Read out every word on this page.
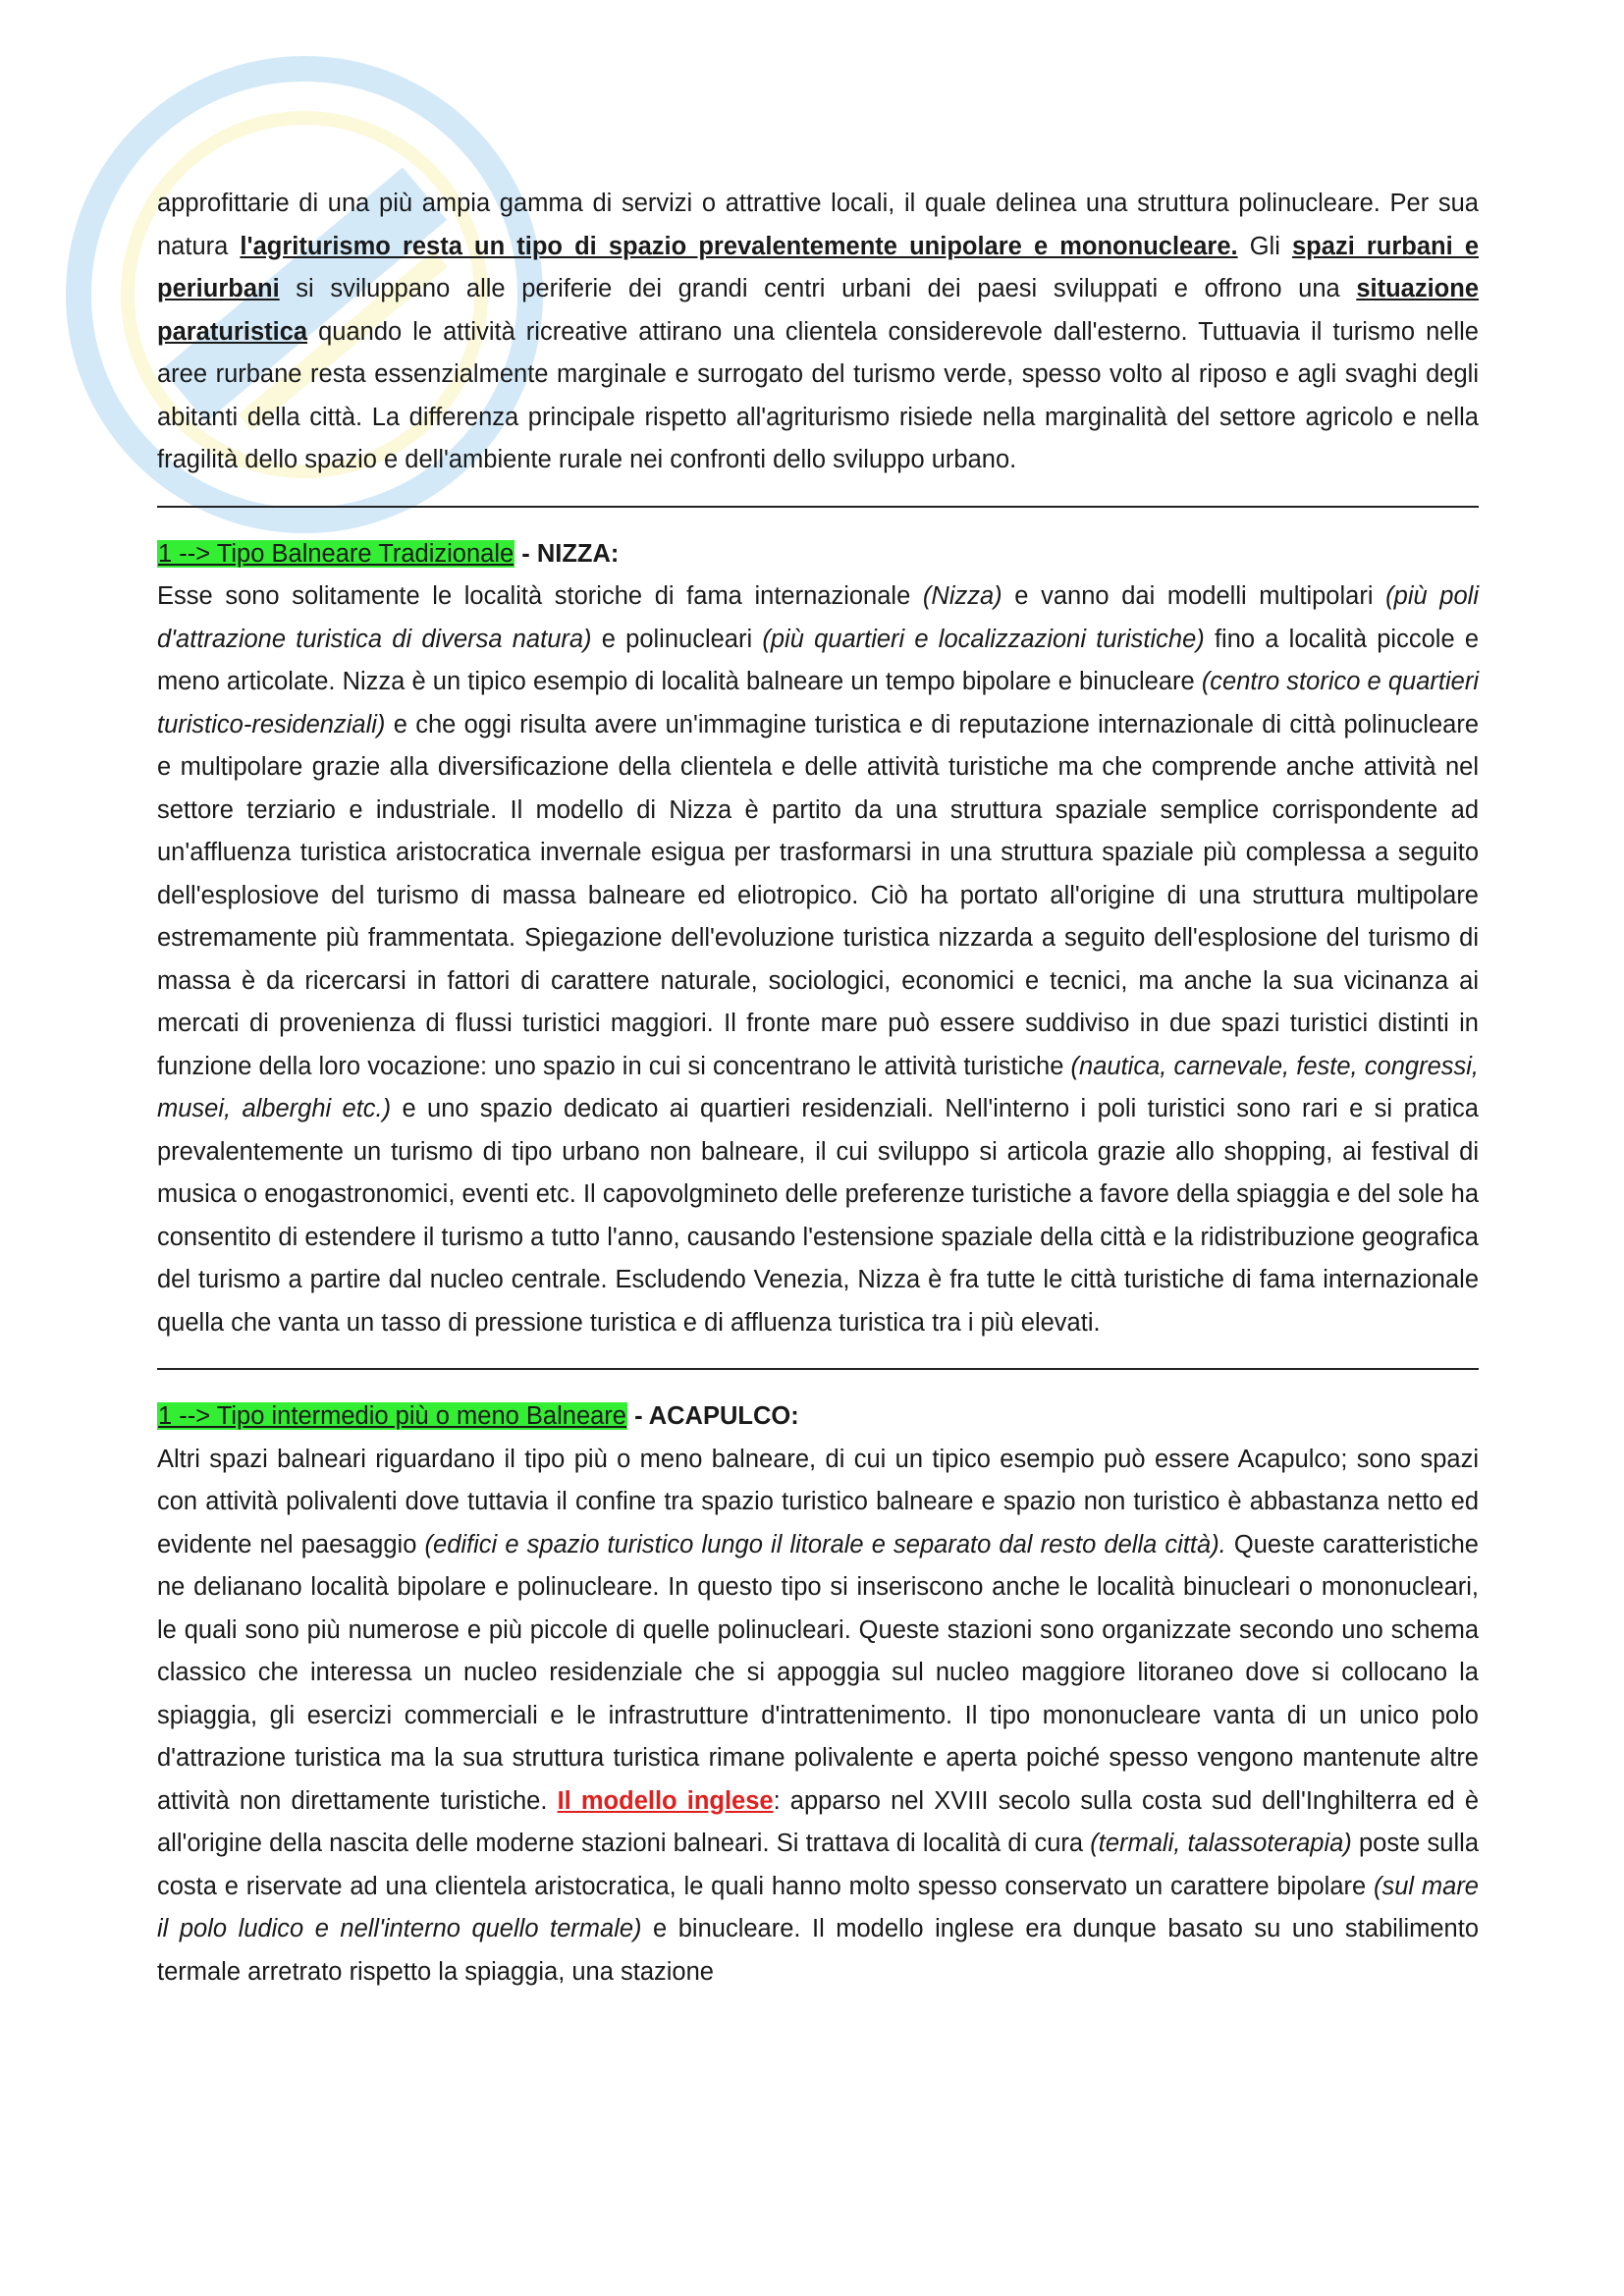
approfittarie di una più ampia gamma di servizi o attrattive locali, il quale delinea una struttura polinucleare. Per sua natura l'agriturismo resta un tipo di spazio prevalentemente unipolare e mononucleare. Gli spazi rurbani e periurbani si sviluppano alle periferie dei grandi centri urbani dei paesi sviluppati e offrono una situazione paraturistica quando le attività ricreative attirano una clientela considerevole dall'esterno. Tuttuavia il turismo nelle aree rurbane resta essenzialmente marginale e surrogato del turismo verde, spesso volto al riposo e agli svaghi degli abitanti della città. La differenza principale rispetto all'agriturismo risiede nella marginalità del settore agricolo e nella fragilità dello spazio e dell'ambiente rurale nei confronti dello sviluppo urbano.

1 --> Tipo Balneare Tradizionale - NIZZA:

Esse sono solitamente le località storiche di fama internazionale (Nizza) e vanno dai modelli multipolari (più poli d'attrazione turistica di diversa natura) e polinucleari (più quartieri e localizzazioni turistiche) fino a località piccole e meno articolate. Nizza è un tipico esempio di località balneare un tempo bipolare e binucleare (centro storico e quartieri turistico-residenziali) e che oggi risulta avere un'immagine turistica e di reputazione internazionale di città polinucleare e multipolare grazie alla diversificazione della clientela e delle attività turistiche ma che comprende anche attività nel settore terziario e industriale. Il modello di Nizza è partito da una struttura spaziale semplice corrispondente ad un'affluenza turistica aristocratica invernale esigua per trasformarsi in una struttura spaziale più complessa a seguito dell'esplosiove del turismo di massa balneare ed eliotropico. Ciò ha portato all'origine di una struttura multipolare estremamente più frammentata. Spiegazione dell'evoluzione turistica nizzarda a seguito dell'esplosione del turismo di massa è da ricercarsi in fattori di carattere naturale, sociologici, economici e tecnici, ma anche la sua vicinanza ai mercati di provenienza di flussi turistici maggiori. Il fronte mare può essere suddiviso in due spazi turistici distinti in funzione della loro vocazione: uno spazio in cui si concentrano le attività turistiche (nautica, carnevale, feste, congressi, musei, alberghi etc.) e uno spazio dedicato ai quartieri residenziali. Nell'interno i poli turistici sono rari e si pratica prevalentemente un turismo di tipo urbano non balneare, il cui sviluppo si articola grazie allo shopping, ai festival di musica o enogastronomici, eventi etc. Il capovolgmineto delle preferenze turistiche a favore della spiaggia e del sole ha consentito di estendere il turismo a tutto l'anno, causando l'estensione spaziale della città e la ridistribuzione geografica del turismo a partire dal nucleo centrale. Escludendo Venezia, Nizza è fra tutte le città turistiche di fama internazionale quella che vanta un tasso di pressione turistica e di affluenza turistica tra i più elevati.

1 --> Tipo intermedio più o meno Balneare - ACAPULCO:

Altri spazi balneari riguardano il tipo più o meno balneare, di cui un tipico esempio può essere Acapulco; sono spazi con attività polivalenti dove tuttavia il confine tra spazio turistico balneare e spazio non turistico è abbastanza netto ed evidente nel paesaggio (edifici e spazio turistico lungo il litorale e separato dal resto della città). Queste caratteristiche ne delianano località bipolare e polinucleare. In questo tipo si inseriscono anche le località binucleari o mononucleari, le quali sono più numerose e più piccole di quelle polinucleari. Queste stazioni sono organizzate secondo uno schema classico che interessa un nucleo residenziale che si appoggia sul nucleo maggiore litoraneo dove si collocano la spiaggia, gli esercizi commerciali e le infrastrutture d'intrattenimento. Il tipo mononucleare vanta di un unico polo d'attrazione turistica ma la sua struttura turistica rimane polivalente e aperta poiché spesso vengono mantenute altre attività non direttamente turistiche. Il modello inglese: apparso nel XVIII secolo sulla costa sud dell'Inghilterra ed è all'origine della nascita delle moderne stazioni balneari. Si trattava di località di cura (termali, talassoterapia) poste sulla costa e riservate ad una clientela aristocratica, le quali hanno molto spesso conservato un carattere bipolare (sul mare il polo ludico e nell'interno quello termale) e binucleare. Il modello inglese era dunque basato su uno stabilimento termale arretrato rispetto la spiaggia, una stazione
